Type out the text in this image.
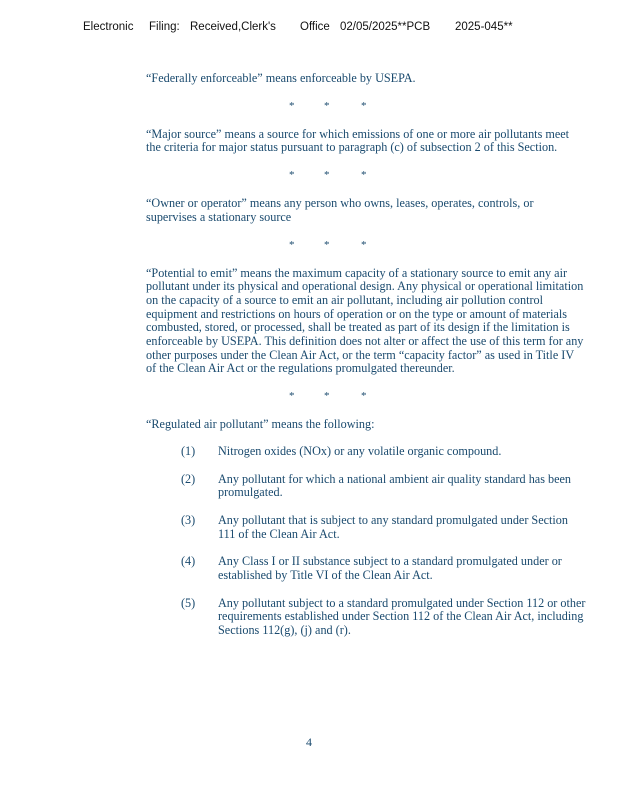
Electronic

Filing:

Received,Clerk's

Office

02/05/2025**PCB

2025-045**

“Federally enforceable” means enforceable by USEPA.

*	*	*

“Major source” means a source for which emissions of one or more air pollutants meet the criteria for major status pursuant to paragraph (c) of subsection 2 of this Section.

*	*	*

“Owner or operator” means any person who owns, leases, operates, controls, or supervises a stationary source

*	*	*

“Potential to emit” means the maximum capacity of a stationary source to emit any air pollutant under its physical and operational design. Any physical or operational limitation on the capacity of a source to emit an air pollutant, including air pollution control equipment and restrictions on hours of operation or on the type or amount of materials combusted, stored, or processed, shall be treated as part of its design if the limitation is enforceable by USEPA. This definition does not alter or affect the use of this term for any other purposes under the Clean Air Act, or the term “capacity factor” as used in Title IV of the Clean Air Act or the regulations promulgated thereunder.

*	*	*

“Regulated air pollutant” means the following:

(1) Nitrogen oxides (NOx) or any volatile organic compound.
(2) Any pollutant for which a national ambient air quality standard has been promulgated.
(3) Any pollutant that is subject to any standard promulgated under Section 111 of the Clean Air Act.
(4) Any Class I or II substance subject to a standard promulgated under or established by Title VI of the Clean Air Act.
(5) Any pollutant subject to a standard promulgated under Section 112 or other requirements established under Section 112 of the Clean Air Act, including Sections 112(g), (j) and (r).
4
